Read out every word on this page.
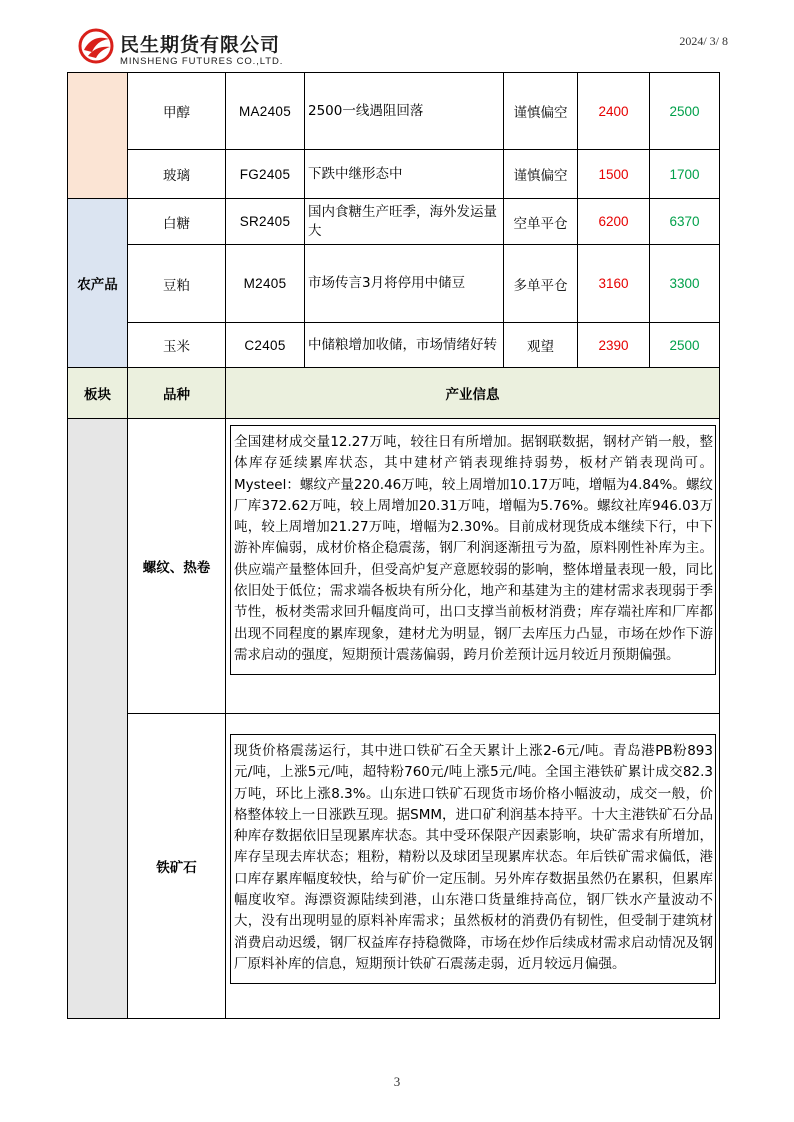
民生期货有限公司
MINSHENG FUTURES CO.,LTD.
2024/ 3/ 8
	甲醇	MA2405	2500一线遇阻回落	谨慎偏空	2400	2500
	玻璃	FG2405	下跌中继形态中	谨慎偏空	1500	1700
农产品	白糖	SR2405	国内食糖生产旺季，海外发运量大	空单平仓	6200	6370
	豆粕	M2405	市场传言3月将停用中储豆	多单平仓	3160	3300
	玉米	C2405	中储粮增加收储，市场情绪好转	观望	2390	2500
板块	品种	产业信息				
	螺纹、热卷	全国建材成交量12.27万吨，较往日有所增加。据钢联数据，钢材产销一般，整体库存延续累库状态，其中建材产销表现维持弱势，板材产销表现尚可。Mysteel：螺纹产量220.46万吨，较上周增加10.17万吨，增幅为4.84%。螺纹厂库372.62万吨，较上周增加20.31万吨，增幅为5.76%。螺纹社库946.03万吨，较上周增加21.27万吨，增幅为2.30%。目前成材现货成本继续下行，中下游补库偏弱，成材价格企稳震荡，钢厂利润逐渐扭亏为盈，原料刚性补库为主。供应端产量整体回升，但受高炉复产意愿较弱的影响，整体增量表现一般，同比依旧处于低位；需求端各板块有所分化，地产和基建为主的建材需求表现弱于季节性，板材类需求回升幅度尚可，出口支撑当前板材消费；库存端社库和厂库都出现不同程度的累库现象，建材尤为明显，钢厂去库压力凸显，市场在炒作下游需求启动的强度，短期预计震荡偏弱，跨月价差预计远月较近月预期偏强。				

	铁矿石	现货价格震荡运行，其中进口铁矿石全天累计上涨2-6元/吨。青岛港PB粉893元/吨，上涨5元/吨，超特粉760元/吨上涨5元/吨。全国主港铁矿累计成交82.3万吨，环比上涨8.3%。山东进口铁矿石现货市场价格小幅波动，成交一般，价格整体较上一日涨跌互现。据SMM，进口矿利润基本持平。十大主港铁矿石分品种库存数据依旧呈现累库状态。其中受环保限产因素影响，块矿需求有所增加，库存呈现去库状态；粗粉，精粉以及球团呈现累库状态。年后铁矿需求偏低，港口库存累库幅度较快，给与矿价一定压制。另外库存数据虽然仍在累积，但累库幅度收窄。海漂资源陆续到港，山东港口货量维持高位，钢厂铁水产量波动不大，没有出现明显的原料补库需求；虽然板材的消费仍有韧性，但受制于建筑材消费启动迟缓，钢厂权益库存持稳微降，市场在炒作后续成材需求启动情况及钢厂原料补库的信息，短期预计铁矿石震荡走弱，近月较远月偏强。				
3
